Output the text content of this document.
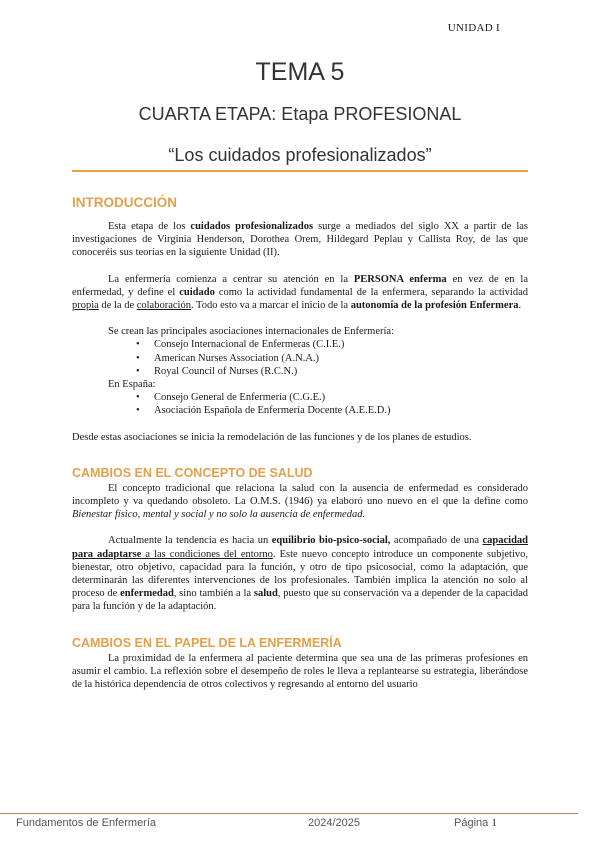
UNIDAD I
TEMA 5
CUARTA ETAPA: Etapa PROFESIONAL
“Los cuidados profesionalizados”
INTRODUCCIÓN

Esta etapa de los cuidados profesionalizados surge a mediados del siglo XX a partir de las investigaciones de Virginia Henderson, Dorothea Orem, Hildegard Peplau y Callista Roy, de las que conoceréis sus teorías en la siguiente Unidad (II).

La enfermería comienza a centrar su atención en la PERSONA enferma en vez de en la enfermedad, y define el cuidado como la actividad fundamental de la enfermera, separando la actividad propia de la de colaboración. Todo esto va a marcar el inicio de la autonomía de la profesión Enfermera.

Se crean las principales asociaciones internacionales de Enfermería:

• Consejo Internacional de Enfermeras (C.I.E.)
• American Nurses Association (A.N.A.)
• Royal Council of Nurses (R.C.N.)

En España:

• Consejo General de Enfermería (C.G.E.)
• Asociación Española de Enfermería Docente (A.E.E.D.)

Desde estas asociaciones se inicia la remodelación de las funciones y de los planes de estudios.

CAMBIOS EN EL CONCEPTO DE SALUD

El concepto tradicional que relaciona la salud con la ausencia de enfermedad es considerado incompleto y va quedando obsoleto. La O.M.S. (1946) ya elaboró uno nuevo en el que la define como Bienestar físico, mental y social y no solo la ausencia de enfermedad.

Actualmente la tendencia es hacia un equilibrio bio-psico-social, acompañado de una capacidad para adaptarse a las condiciones del entorno. Este nuevo concepto introduce un componente subjetivo, bienestar, otro objetivo, capacidad para la función, y otro de tipo psicosocial, como la adaptación, que determinarán las diferentes intervenciones de los profesionales. También implica la atención no solo al proceso de enfermedad, sino también a la salud, puesto que su conservación va a depender de la capacidad para la función y de la adaptación.

CAMBIOS EN EL PAPEL DE LA ENFERMERÍA

La proximidad de la enfermera al paciente determina que sea una de las primeras profesiones en asumir el cambio. La reflexión sobre el desempeño de roles le lleva a replantearse su estrategia, liberándose de la histórica dependencia de otros colectivos y regresando al entorno del usuario

Fundamentos de Enfermería	2024/2025	Página 1
